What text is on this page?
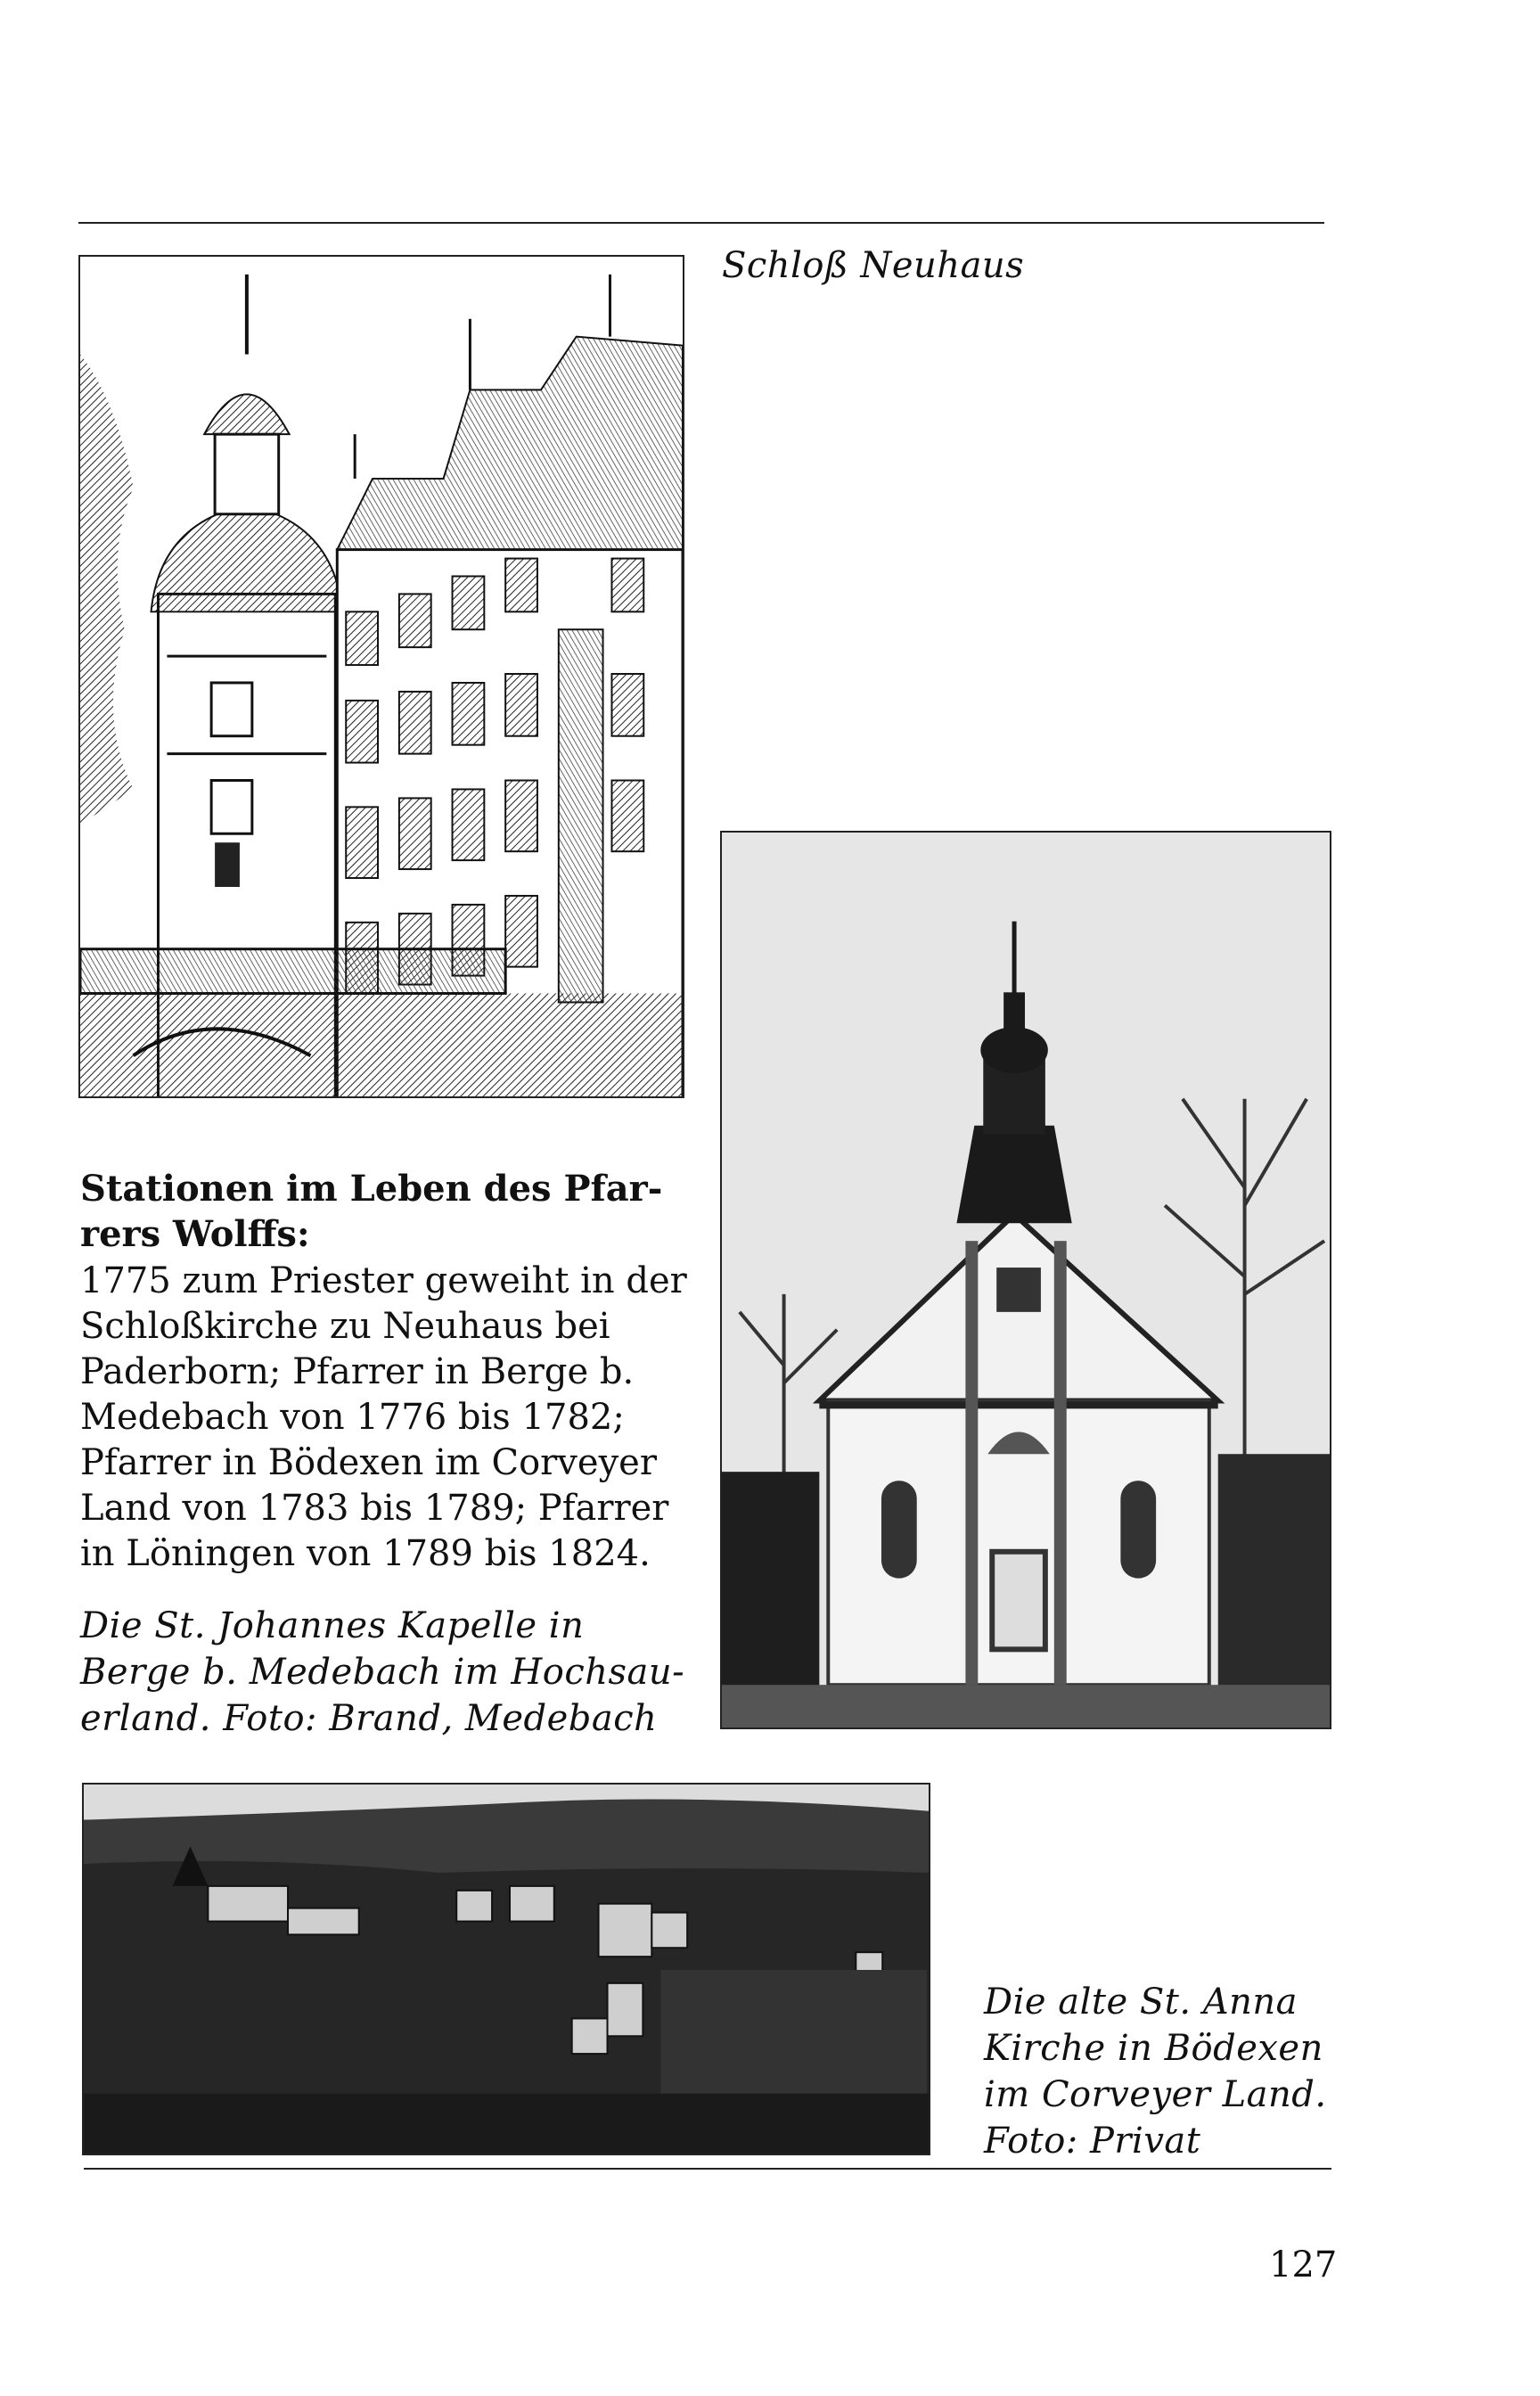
Schloß Neuhaus
Stationen im Leben des Pfar-
rers Wolffs:
1775 zum Priester geweiht in der
Schloßkirche zu Neuhaus bei
Paderborn; Pfarrer in Berge b.
Medebach von 1776 bis 1782;
Pfarrer in Bödexen im Corveyer
Land von 1783 bis 1789; Pfarrer
in Löningen von 1789 bis 1824.
Die St. Johannes Kapelle in
Berge b. Medebach im Hochsau-
erland. Foto: Brand, Medebach
Die alte St. Anna
Kirche in Bödexen
im Corveyer Land.
Foto: Privat
127
